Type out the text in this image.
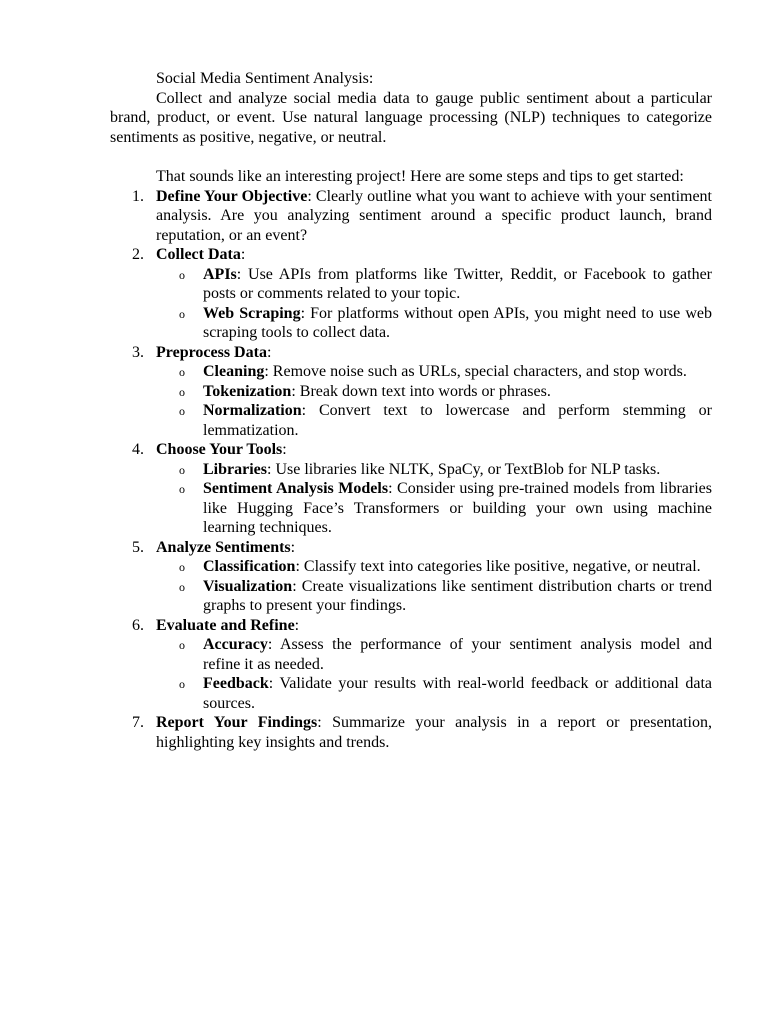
Social Media Sentiment Analysis:

Collect and analyze social media data to gauge public sentiment about a particular brand, product, or event. Use natural language processing (NLP) techniques to categorize sentiments as positive, negative, or neutral.

That sounds like an interesting project! Here are some steps and tips to get started:

1. Define Your Objective: Clearly outline what you want to achieve with your sentiment analysis. Are you analyzing sentiment around a specific product launch, brand reputation, or an event?
2. Collect Data:
o APIs: Use APIs from platforms like Twitter, Reddit, or Facebook to gather posts or comments related to your topic.
o Web Scraping: For platforms without open APIs, you might need to use web scraping tools to collect data.
3. Preprocess Data:
o Cleaning: Remove noise such as URLs, special characters, and stop words.
o Tokenization: Break down text into words or phrases.
o Normalization: Convert text to lowercase and perform stemming or lemmatization.
4. Choose Your Tools:
o Libraries: Use libraries like NLTK, SpaCy, or TextBlob for NLP tasks.
o Sentiment Analysis Models: Consider using pre-trained models from libraries like Hugging Face’s Transformers or building your own using machine learning techniques.
5. Analyze Sentiments:
o Classification: Classify text into categories like positive, negative, or neutral.
o Visualization: Create visualizations like sentiment distribution charts or trend graphs to present your findings.
6. Evaluate and Refine:
o Accuracy: Assess the performance of your sentiment analysis model and refine it as needed.
o Feedback: Validate your results with real-world feedback or additional data sources.
7. Report Your Findings: Summarize your analysis in a report or presentation, highlighting key insights and trends.
